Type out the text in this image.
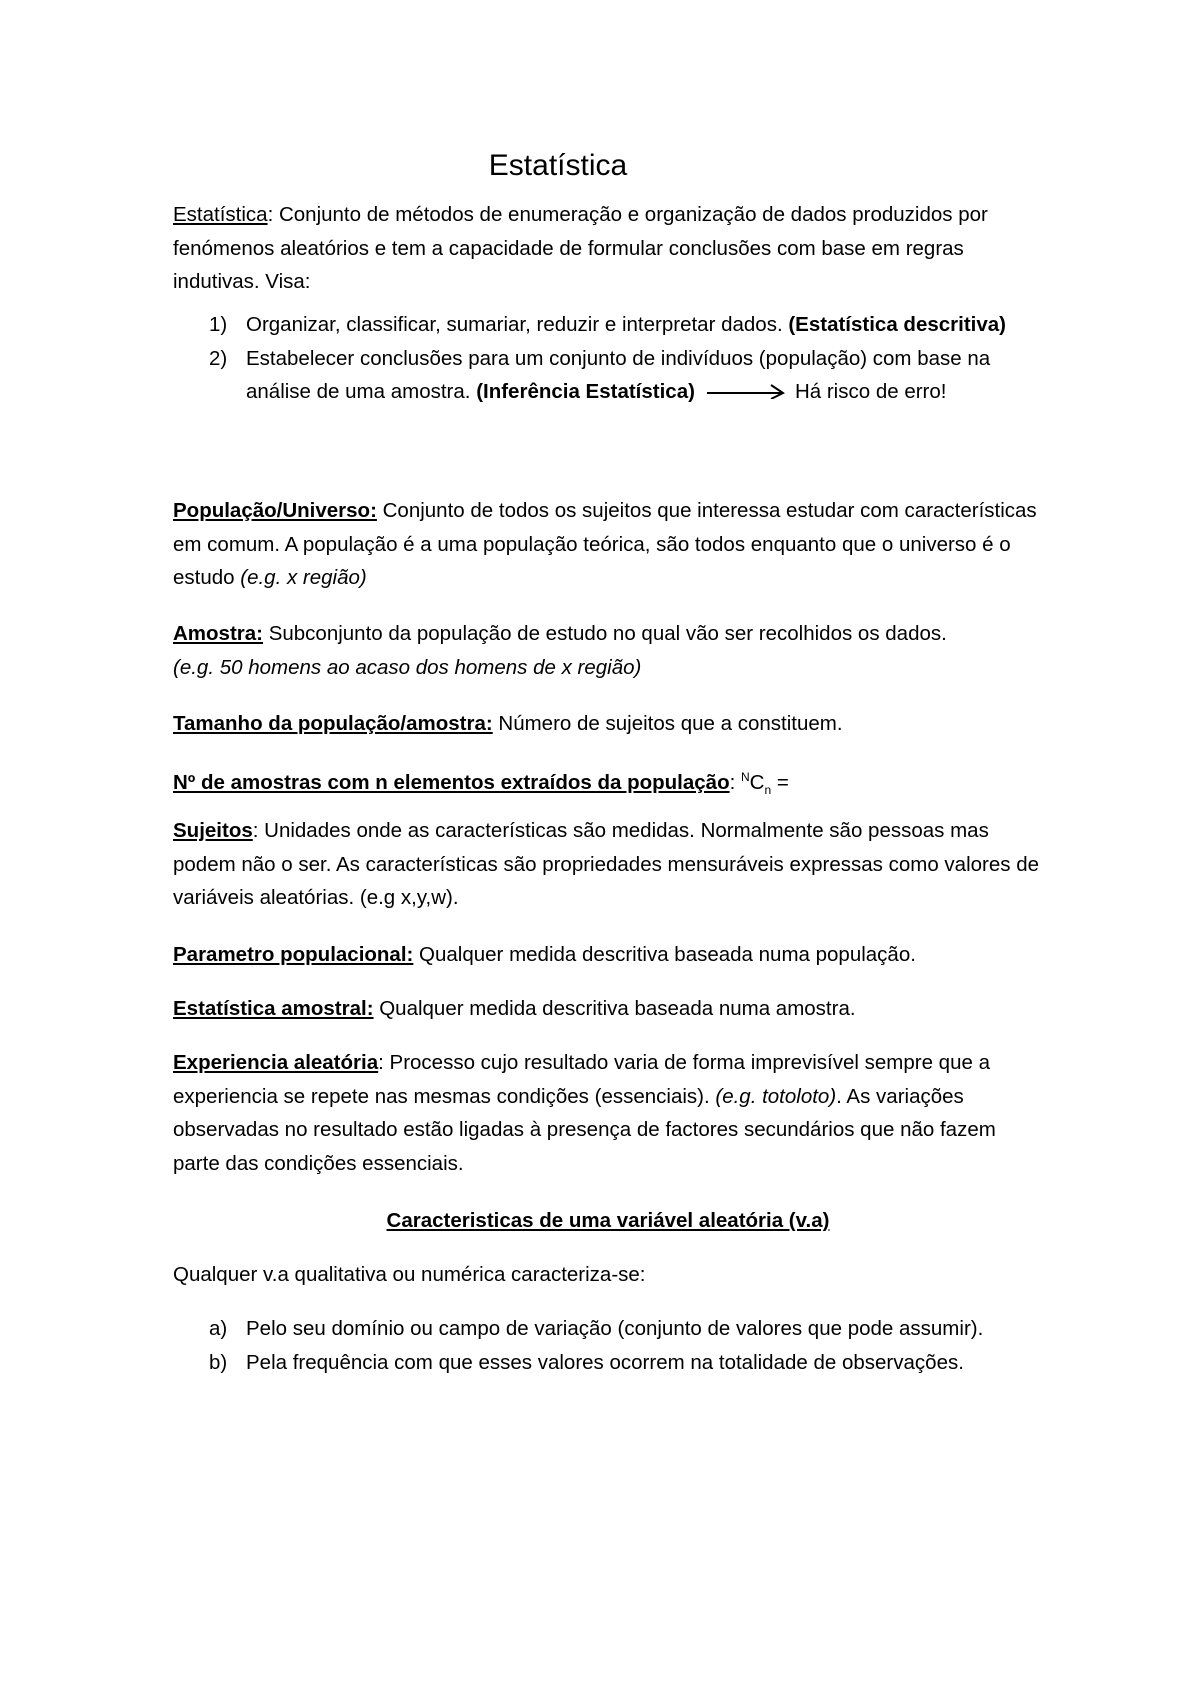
Estatística

Estatística: Conjunto de métodos de enumeração e organização de dados produzidos por fenómenos aleatórios e tem a capacidade de formular conclusões com base em regras indutivas. Visa:

1) Organizar, classificar, sumariar, reduzir e interpretar dados. (Estatística descritiva)
2) Estabelecer conclusões para um conjunto de indivíduos (população) com base na análise de uma amostra. (Inferência Estatística)	Há risco de erro!

População/Universo: Conjunto de todos os sujeitos que interessa estudar com características em comum. A população é a uma população teórica, são todos enquanto que o universo é o estudo (e.g. x região)

Amostra: Subconjunto da população de estudo no qual vão ser recolhidos os dados.
(e.g. 50 homens ao acaso dos homens de x região)

Tamanho da população/amostra: Número de sujeitos que a constituem.

Nº de amostras com n elementos extraídos da população: $^NC_n$ =

Sujeitos: Unidades onde as características são medidas. Normalmente são pessoas mas podem não o ser. As características são propriedades mensuráveis expressas como valores de variáveis aleatórias. (e.g x,y,w).

Parametro populacional: Qualquer medida descritiva baseada numa população.

Estatística amostral: Qualquer medida descritiva baseada numa amostra.

Experiencia aleatória: Processo cujo resultado varia de forma imprevisível sempre que a experiencia se repete nas mesmas condições (essenciais). (e.g. totoloto). As variações observadas no resultado estão ligadas à presença de factores secundários que não fazem parte das condições essenciais.

Caracteristicas de uma variável aleatória (v.a)

Qualquer v.a qualitativa ou numérica caracteriza-se:

a) Pelo seu domínio ou campo de variação (conjunto de valores que pode assumir).
b) Pela frequência com que esses valores ocorrem na totalidade de observações.
